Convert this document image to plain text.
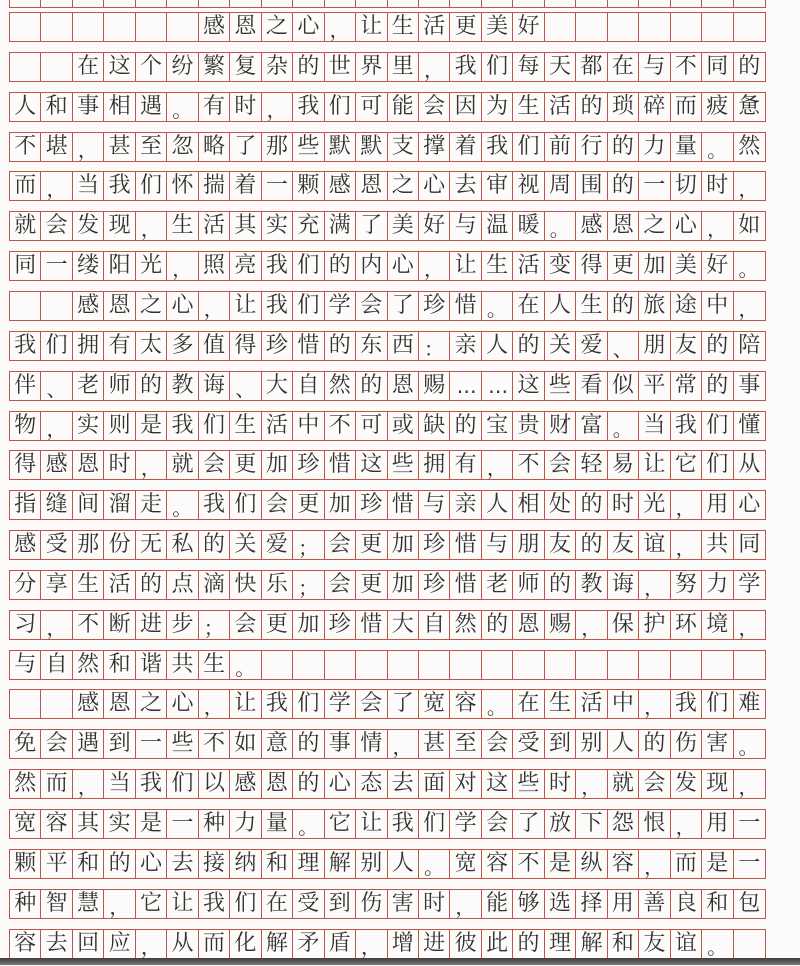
感 恩 之 心 ， 让 生 活 更 美 好
在 这 个 纷 繁 复 杂 的 世 界 里 ， 我 们 每 天 都 在 与 不 同 的
人 和 事 相 遇 。 有 时 ， 我 们 可 能 会 因 为 生 活 的 琐 碎 而 疲 惫
不 堪 ， 甚 至 忽 略 了 那 些 默 默 支 撑 着 我 们 前 行 的 力 量 。 然
而 ， 当 我 们 怀 揣 着 一 颗 感 恩 之 心 去 审 视 周 围 的 一 切 时 ，
就 会 发 现 ， 生 活 其 实 充 满 了 美 好 与 温 暖 。 感 恩 之 心 ， 如
同 一 缕 阳 光 ， 照 亮 我 们 的 内 心 ， 让 生 活 变 得 更 加 美 好 。
感 恩 之 心 ， 让 我 们 学 会 了 珍 惜 。 在 人 生 的 旅 途 中 ，
我 们 拥 有 太 多 值 得 珍 惜 的 东 西 ： 亲 人 的 关 爱 、 朋 友 的 陪
伴 、 老 师 的 教 诲 、 大 自 然 的 恩 赐 … … 这 些 看 似 平 常 的 事
物 ， 实 则 是 我 们 生 活 中 不 可 或 缺 的 宝 贵 财 富 。 当 我 们 懂
得 感 恩 时 ， 就 会 更 加 珍 惜 这 些 拥 有 ， 不 会 轻 易 让 它 们 从
指 缝 间 溜 走 。 我 们 会 更 加 珍 惜 与 亲 人 相 处 的 时 光 ， 用 心
感 受 那 份 无 私 的 关 爱 ； 会 更 加 珍 惜 与 朋 友 的 友 谊 ， 共 同
分 享 生 活 的 点 滴 快 乐 ； 会 更 加 珍 惜 老 师 的 教 诲 ， 努 力 学
习 ， 不 断 进 步 ； 会 更 加 珍 惜 大 自 然 的 恩 赐 ， 保 护 环 境 ，
与 自 然 和 谐 共 生 。
感 恩 之 心 ， 让 我 们 学 会 了 宽 容 。 在 生 活 中 ， 我 们 难
免 会 遇 到 一 些 不 如 意 的 事 情 ， 甚 至 会 受 到 别 人 的 伤 害 。
然 而 ， 当 我 们 以 感 恩 的 心 态 去 面 对 这 些 时 ， 就 会 发 现 ，
宽 容 其 实 是 一 种 力 量 。 它 让 我 们 学 会 了 放 下 怨 恨 ， 用 一
颗 平 和 的 心 去 接 纳 和 理 解 别 人 。 宽 容 不 是 纵 容 ， 而 是 一
种 智 慧 ， 它 让 我 们 在 受 到 伤 害 时 ， 能 够 选 择 用 善 良 和 包
容 去 回 应 ， 从 而 化 解 矛 盾 ， 增 进 彼 此 的 理 解 和 友 谊 。
